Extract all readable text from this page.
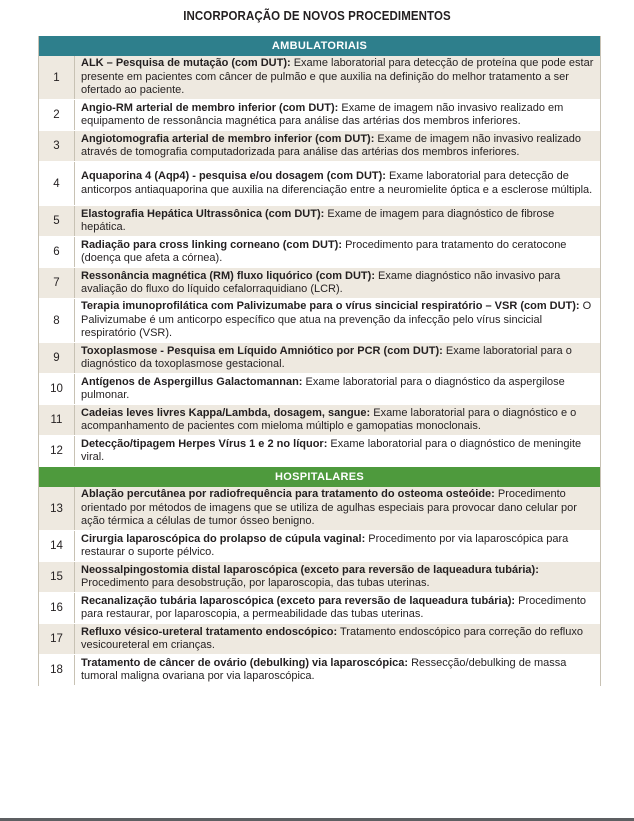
INCORPORAÇÃO DE NOVOS PROCEDIMENTOS
AMBULATORIAIS
1
ALK – Pesquisa de mutação (com DUT): Exame laboratorial para detecção de proteína que pode estar presente em pacientes com câncer de pulmão e que auxilia na definição do melhor tratamento a ser ofertado ao paciente.
2
Angio-RM arterial de membro inferior (com DUT): Exame de imagem não invasivo realizado em equipamento de ressonância magnética para análise das artérias dos membros inferiores.
3
Angiotomografia arterial de membro inferior (com DUT): Exame de imagem não invasivo realizado através de tomografia computadorizada para análise das artérias dos membros inferiores.
4
Aquaporina 4 (Aqp4) - pesquisa e/ou dosagem (com DUT): Exame laboratorial para detecção de anticorpos antiaquaporina que auxilia na diferenciação entre a neuromielite óptica e a esclerose múltipla.
5
Elastografia Hepática Ultrassônica (com DUT): Exame de imagem para diagnóstico de fibrose hepática.
6
Radiação para cross linking corneano (com DUT): Procedimento para tratamento do ceratocone (doença que afeta a córnea).
7
Ressonância magnética (RM) fluxo liquórico (com DUT): Exame diagnóstico não invasivo para avaliação do fluxo do líquido cefalorraquidiano (LCR).
8
Terapia imunoprofilática com Palivizumabe para o vírus sincicial respiratório – VSR (com DUT): O Palivizumabe é um anticorpo específico que atua na prevenção da infecção pelo vírus sincicial respiratório (VSR).
9
Toxoplasmose - Pesquisa em Líquido Amniótico por PCR (com DUT): Exame laboratorial para o diagnóstico da toxoplasmose gestacional.
10
Antígenos de Aspergillus Galactomannan: Exame laboratorial para o diagnóstico da aspergilose pulmonar.
11
Cadeias leves livres Kappa/Lambda, dosagem, sangue: Exame laboratorial para o diagnóstico e o acompanhamento de pacientes com mieloma múltiplo e gamopatias monoclonais.
12
Detecção/tipagem Herpes Vírus 1 e 2 no líquor: Exame laboratorial para o diagnóstico de meningite viral.
HOSPITALARES
13
Ablação percutânea por radiofrequência para tratamento do osteoma osteóide: Procedimento orientado por métodos de imagens que se utiliza de agulhas especiais para provocar dano celular por ação térmica a células de tumor ósseo benigno.
14
Cirurgia laparoscópica do prolapso de cúpula vaginal: Procedimento por via laparoscópica para restaurar o suporte pélvico.
15
Neossalpingostomia distal laparoscópica (exceto para reversão de laqueadura tubária): Procedimento para desobstrução, por laparoscopia, das tubas uterinas.
16
Recanalização tubária laparoscópica (exceto para reversão de laqueadura tubária): Procedimento para restaurar, por laparoscopia, a permeabilidade das tubas uterinas.
17
Refluxo vésico-ureteral tratamento endoscópico: Tratamento endoscópico para correção do refluxo vesicoureteral em crianças.
18
Tratamento de câncer de ovário (debulking) via laparoscópica: Ressecção/debulking de massa tumoral maligna ovariana por via laparoscópica.
